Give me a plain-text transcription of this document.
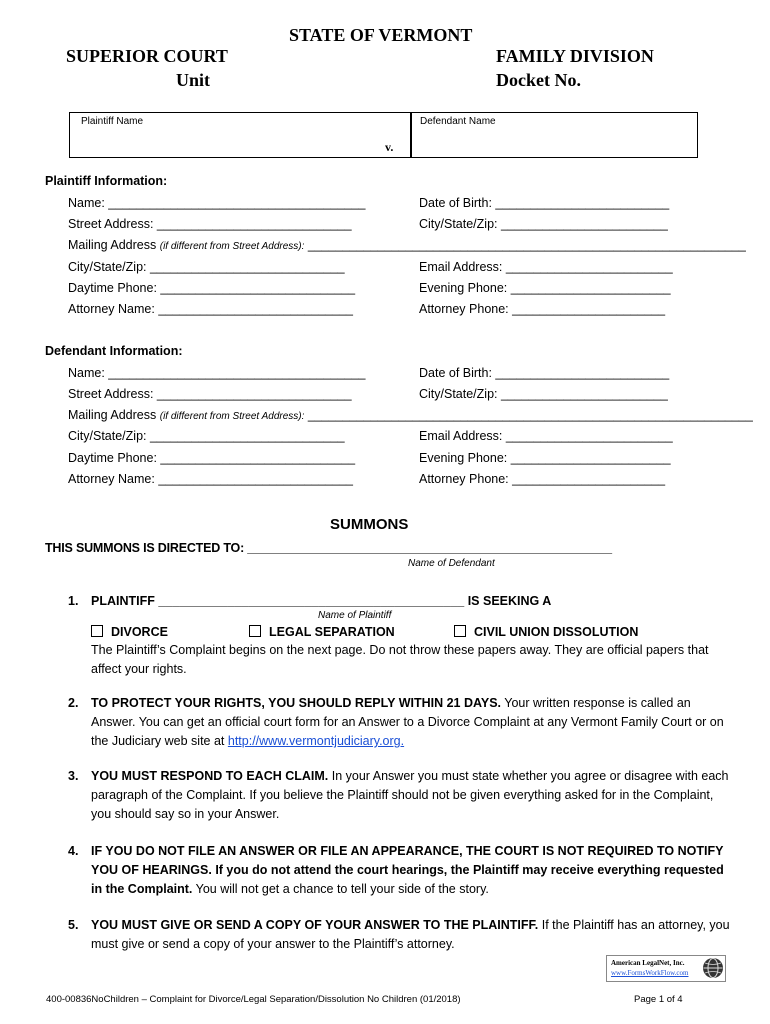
STATE OF VERMONT
SUPERIOR COURT
Unit
FAMILY DIVISION
Docket No.
Plaintiff Name
v.
Defendant Name
Plaintiff Information:
Name: _____________________________________	Date of Birth: _________________________
Street Address: ____________________________	City/State/Zip: ________________________
Mailing Address (if different from Street Address): _______________________________________________________________
City/State/Zip: ____________________________	Email Address: ________________________
Daytime Phone: ____________________________	Evening Phone: _______________________
Attorney Name: ____________________________	Attorney Phone: ______________________
Defendant Information:
Name: _____________________________________	Date of Birth: _________________________
Street Address: ____________________________	City/State/Zip: ________________________
Mailing Address (if different from Street Address): ________________________________________________________________
City/State/Zip: ____________________________	Email Address: ________________________
Daytime Phone: ____________________________	Evening Phone: _______________________
Attorney Name: ____________________________	Attorney Phone: ______________________
SUMMONS
THIS SUMMONS IS DIRECTED TO: ______________________________________________________
Name of Defendant
1. PLAINTIFF ____________________________________________ IS SEEKING A
Name of Plaintiff
DIVORCE	LEGAL SEPARATION	CIVIL UNION DISSOLUTION
The Plaintiff’s Complaint begins on the next page. Do not throw these papers away. They are official papers that affect your rights.
2. TO PROTECT YOUR RIGHTS, YOU SHOULD REPLY WITHIN 21 DAYS. Your written response is called an Answer. You can get an official court form for an Answer to a Divorce Complaint at any Vermont Family Court or on the Judiciary web site at http://www.vermontjudiciary.org.
3. YOU MUST RESPOND TO EACH CLAIM. In your Answer you must state whether you agree or disagree with each paragraph of the Complaint. If you believe the Plaintiff should not be given everything asked for in the Complaint, you should say so in your Answer.
4. IF YOU DO NOT FILE AN ANSWER OR FILE AN APPEARANCE, THE COURT IS NOT REQUIRED TO NOTIFY YOU OF HEARINGS. If you do not attend the court hearings, the Plaintiff may receive everything requested in the Complaint. You will not get a chance to tell your side of the story.
5. YOU MUST GIVE OR SEND A COPY OF YOUR ANSWER TO THE PLAINTIFF. If the Plaintiff has an attorney, you must give or send a copy of your answer to the Plaintiff’s attorney.
American LegalNet, Inc.
www.FormsWorkFlow.com
400-00836NoChildren – Complaint for Divorce/Legal Separation/Dissolution No Children (01/2018)	Page 1 of 4
